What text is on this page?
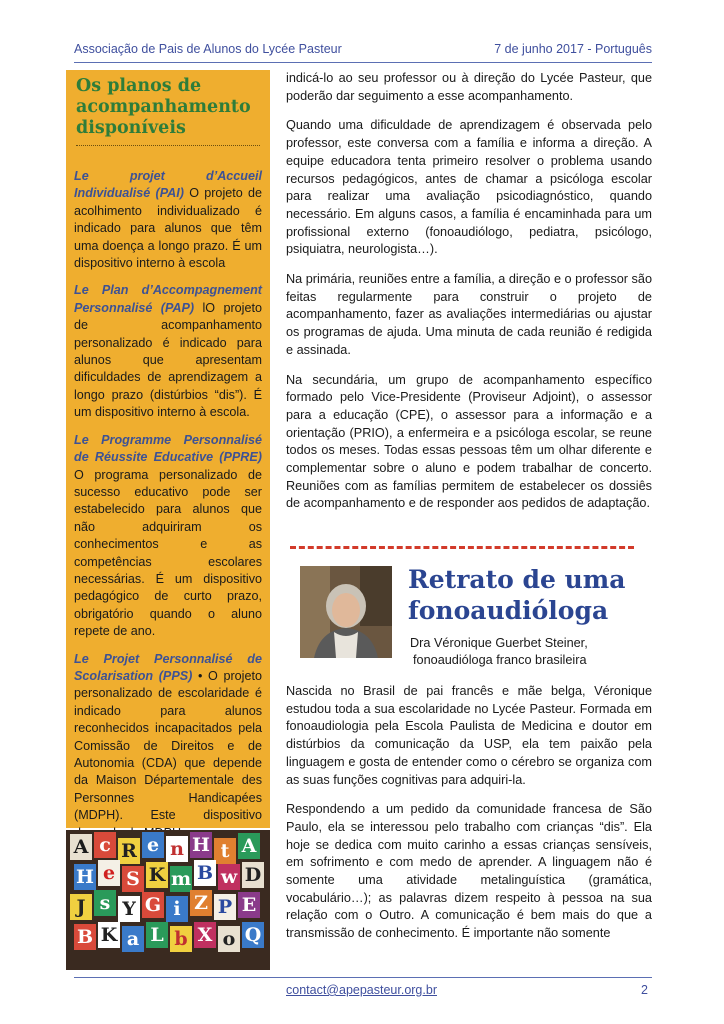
Associação de Pais de Alunos do Lycée Pasteur	7 de junho 2017 - Português
Os planos de
acompanhamento
disponíveis

Le projet d’Accueil Individualisé (PAI) O projeto de acolhimento individualizado é indicado para alunos que têm uma doença a longo prazo. É um dispositivo interno à escola

Le Plan d’Accompagnement Personnalisé (PAP) lO projeto de acompanhamento personalizado é indicado para alunos que apresentam dificuldades de aprendizagem a longo prazo (distúrbios “dis”). É um dispositivo interno à escola.

Le Programme Personnalisé de Réussite Educative (PPRE) O programa personalizado de sucesso educativo pode ser estabelecido para alunos que não adquiriram os conhecimentos e as competências escolares necessárias. É um dispositivo pedagógico de curto prazo, obrigatório quando o aluno repete de ano.

Le Projet Personnalisé de Scolarisation (PPS) • O projeto personalizado de escolaridade é indicado para alunos reconhecidos incapacitados pela Comissão de Direitos e de Autonomia (CDA) que depende da Maison Départementale des Personnes Handicapées (MDPH). Este dispositivo

A c R e n H t A
H e S K m B w D
J s Y G i Z P E
B K a L b X o Q

indicá-lo ao seu professor ou à direção do Lycée Pasteur, que poderão dar seguimento a esse acompanhamento.

Quando uma dificuldade de aprendizagem é observada pelo professor, este conversa com a família e informa a direção. A equipe educadora tenta primeiro resolver o problema usando recursos pedagógicos, antes de chamar a psicóloga escolar para realizar uma avaliação psicodiagnóstico, quando necessário. Em alguns casos, a família é encaminhada para um profissional externo (fonoaudiólogo, pediatra, psicólogo, psiquiatra, neurologista…).

Na primária, reuniões entre a família, a direção e o professor são feitas regularmente para construir o projeto de acompanhamento, fazer as avaliações intermediárias ou ajustar os programas de ajuda. Uma minuta de cada reunião é redigida e assinada.

Na secundária, um grupo de acompanhamento específico formado pelo Vice-Presidente (Proviseur Adjoint), o assessor para a educação (CPE), o assessor para a informação e a orientação (PRIO), a enfermeira e a psicóloga escolar, se reune todos os meses. Todas essas pessoas têm um olhar diferente e complementar sobre o aluno e podem trabalhar de concerto. Reuniões com as famílias permitem de estabelecer os dossiês de acompanhamento e de responder aos pedidos de adaptação.

Retrato de uma
fonoaudióloga
Dra Véronique Guerbet Steiner,
fonoaudióloga franco brasileira

Nascida no Brasil de pai francês e mãe belga, Véronique estudou toda a sua escolaridade no Lycée Pasteur. Formada em fonoaudiologia pela Escola Paulista de Medicina e doutor em distúrbios da comunicação da USP, ela tem paixão pela linguagem e gosta de entender como o cérebro se organiza com as suas funções cognitivas para adquiri-la.

Respondendo a um pedido da comunidade francesa de São Paulo, ela se interessou pelo trabalho com crianças “dis”. Ela hoje se dedica com muito carinho a essas crianças sensíveis, em sofrimento e com medo de aprender. A linguagem não é somente uma atividade metalinguística (gramática, vocabulário…); as palavras dizem respeito à pessoa na sua relação com o Outro. A comunicação é bem mais do que a transmissão de conhecimento. É importante não somente

contact@apepasteur.org.br	2
